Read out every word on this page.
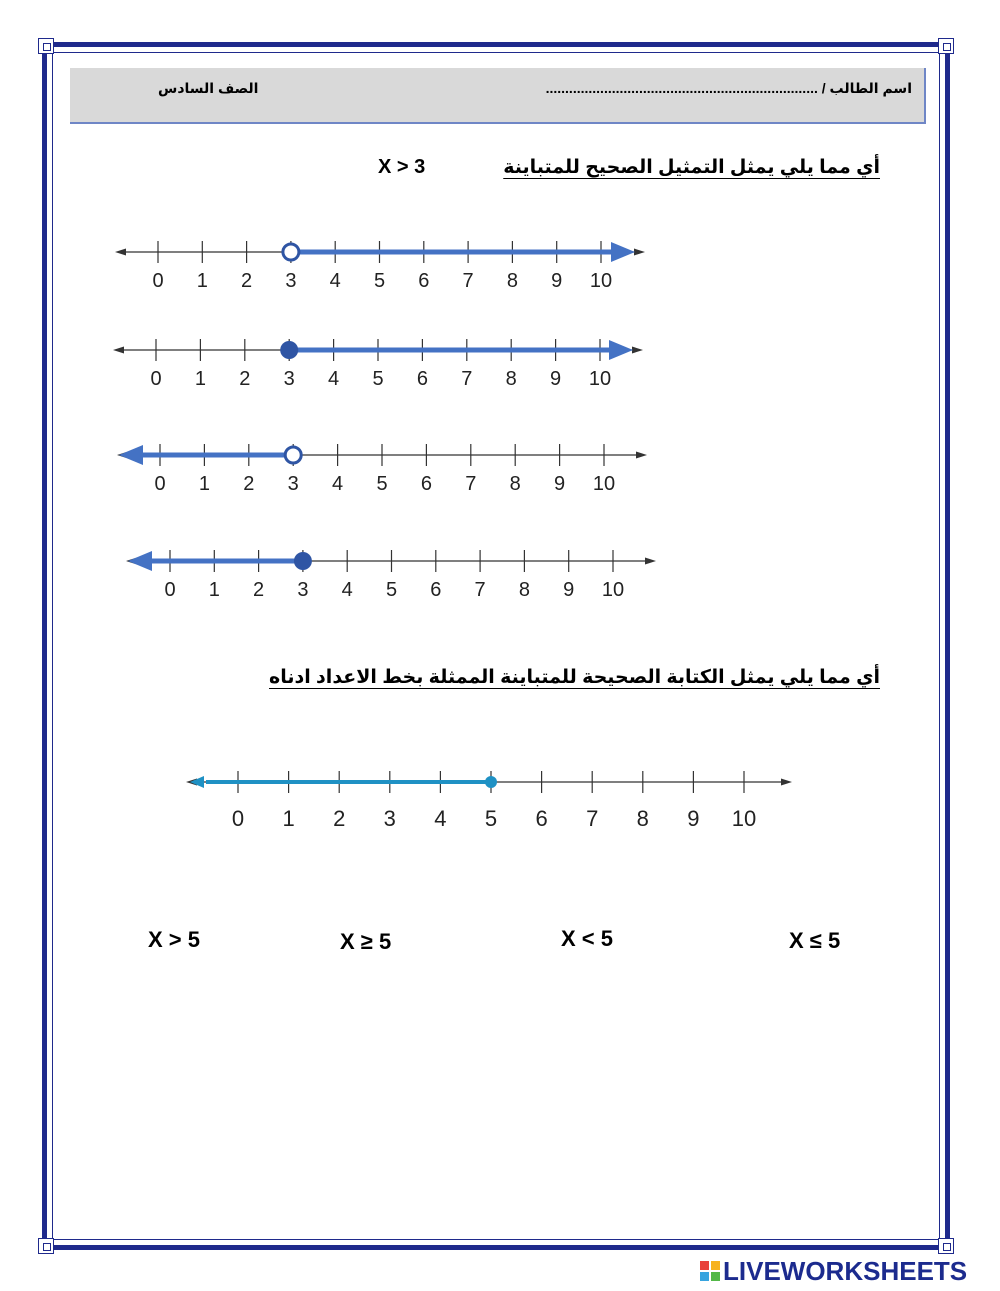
اسم الطالب / ......................................................................
الصف السادس
أي مما يلي يمثل التمثيل الصحيح للمتباينة
X > 3
0 1 2 3 4 5 6 7 8 9 10
0 1 2 3 4 5 6 7 8 9 10
0 1 2 3 4 5 6 7 8 9 10
0 1 2 3 4 5 6 7 8 9 10
أي مما يلي يمثل الكتابة الصحيحة للمتباينة الممثلة بخط الاعداد ادناه
0 1 2 3 4 5 6 7 8 9 10
X > 5	X ≥ 5	X < 5	X ≤ 5
LIVEWORKSHEETS
